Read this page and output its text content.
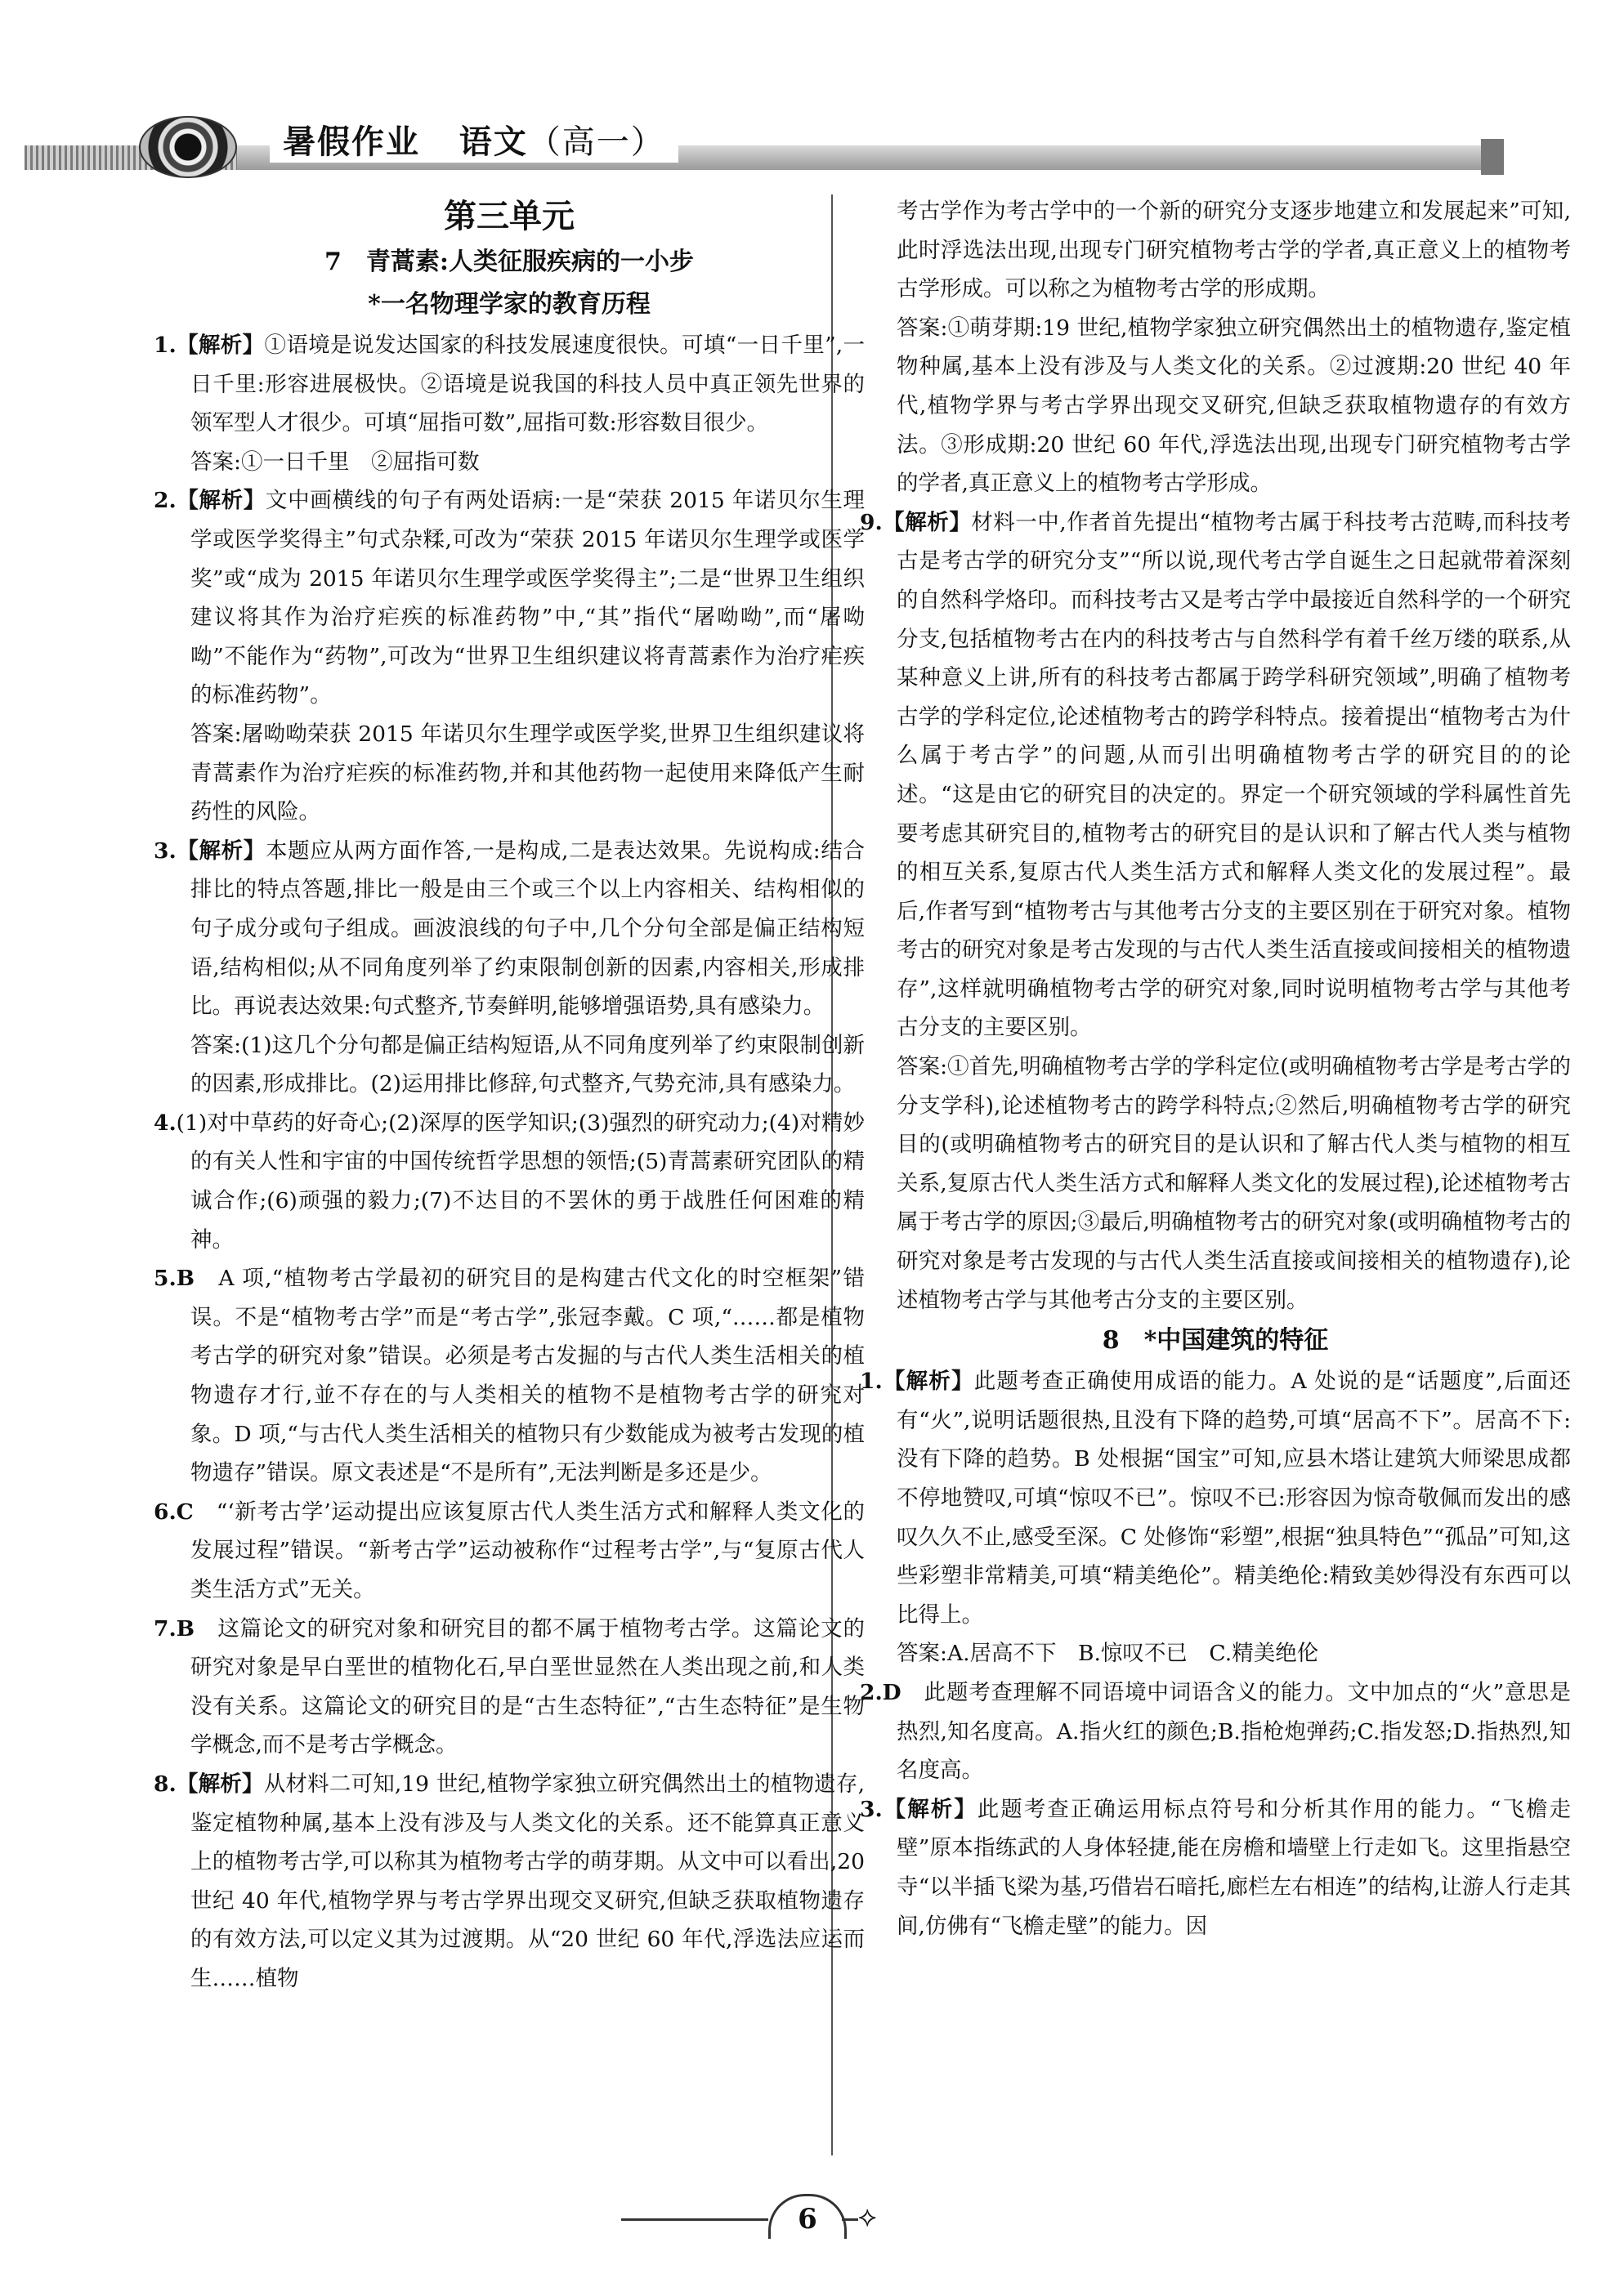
暑假作业 语文（高一）
第三单元
7　青蒿素:人类征服疾病的一小步
*一名物理学家的教育历程

1.【解析】①语境是说发达国家的科技发展速度很快。可填“一日千里”,一日千里:形容进展极快。②语境是说我国的科技人员中真正领先世界的领军型人才很少。可填“屈指可数”,屈指可数:形容数目很少。

答案:①一日千里　②屈指可数

2.【解析】文中画横线的句子有两处语病:一是“荣获 2015 年诺贝尔生理学或医学奖得主”句式杂糅,可改为“荣获 2015 年诺贝尔生理学或医学奖”或“成为 2015 年诺贝尔生理学或医学奖得主”;二是“世界卫生组织建议将其作为治疗疟疾的标准药物”中,“其”指代“屠呦呦”,而“屠呦呦”不能作为“药物”,可改为“世界卫生组织建议将青蒿素作为治疗疟疾的标准药物”。

答案:屠呦呦荣获 2015 年诺贝尔生理学或医学奖,世界卫生组织建议将青蒿素作为治疗疟疾的标准药物,并和其他药物一起使用来降低产生耐药性的风险。

3.【解析】本题应从两方面作答,一是构成,二是表达效果。先说构成:结合排比的特点答题,排比一般是由三个或三个以上内容相关、结构相似的句子成分或句子组成。画波浪线的句子中,几个分句全部是偏正结构短语,结构相似;从不同角度列举了约束限制创新的因素,内容相关,形成排比。再说表达效果:句式整齐,节奏鲜明,能够增强语势,具有感染力。

答案:(1)这几个分句都是偏正结构短语,从不同角度列举了约束限制创新的因素,形成排比。(2)运用排比修辞,句式整齐,气势充沛,具有感染力。

4.(1)对中草药的好奇心;(2)深厚的医学知识;(3)强烈的研究动力;(4)对精妙的有关人性和宇宙的中国传统哲学思想的领悟;(5)青蒿素研究团队的精诚合作;(6)顽强的毅力;(7)不达目的不罢休的勇于战胜任何困难的精神。

5.B　A 项,“植物考古学最初的研究目的是构建古代文化的时空框架”错误。不是“植物考古学”而是“考古学”,张冠李戴。C 项,“……都是植物考古学的研究对象”错误。必须是考古发掘的与古代人类生活相关的植物遗存才行,並不存在的与人类相关的植物不是植物考古学的研究对象。D 项,“与古代人类生活相关的植物只有少数能成为被考古发现的植物遗存”错误。原文表述是“不是所有”,无法判断是多还是少。

6.C　“‘新考古学’运动提出应该复原古代人类生活方式和解释人类文化的发展过程”错误。“新考古学”运动被称作“过程考古学”,与“复原古代人类生活方式”无关。

7.B　这篇论文的研究对象和研究目的都不属于植物考古学。这篇论文的研究对象是早白垩世的植物化石,早白垩世显然在人类出现之前,和人类没有关系。这篇论文的研究目的是“古生态特征”,“古生态特征”是生物学概念,而不是考古学概念。

8.【解析】从材料二可知,19 世纪,植物学家独立研究偶然出土的植物遗存,鉴定植物种属,基本上没有涉及与人类文化的关系。还不能算真正意义上的植物考古学,可以称其为植物考古学的萌芽期。从文中可以看出,20 世纪 40 年代,植物学界与考古学界出现交叉研究,但缺乏获取植物遗存的有效方法,可以定义其为过渡期。从“20 世纪 60 年代,浮选法应运而生……植物

考古学作为考古学中的一个新的研究分支逐步地建立和发展起来”可知,此时浮选法出现,出现专门研究植物考古学的学者,真正意义上的植物考古学形成。可以称之为植物考古学的形成期。

答案:①萌芽期:19 世纪,植物学家独立研究偶然出土的植物遗存,鉴定植物种属,基本上没有涉及与人类文化的关系。②过渡期:20 世纪 40 年代,植物学界与考古学界出现交叉研究,但缺乏获取植物遗存的有效方法。③形成期:20 世纪 60 年代,浮选法出现,出现专门研究植物考古学的学者,真正意义上的植物考古学形成。

9.【解析】材料一中,作者首先提出“植物考古属于科技考古范畴,而科技考古是考古学的研究分支”“所以说,现代考古学自诞生之日起就带着深刻的自然科学烙印。而科技考古又是考古学中最接近自然科学的一个研究分支,包括植物考古在内的科技考古与自然科学有着千丝万缕的联系,从某种意义上讲,所有的科技考古都属于跨学科研究领域”,明确了植物考古学的学科定位,论述植物考古的跨学科特点。接着提出“植物考古为什么属于考古学”的问题,从而引出明确植物考古学的研究目的的论述。“这是由它的研究目的决定的。界定一个研究领域的学科属性首先要考虑其研究目的,植物考古的研究目的是认识和了解古代人类与植物的相互关系,复原古代人类生活方式和解释人类文化的发展过程”。最后,作者写到“植物考古与其他考古分支的主要区别在于研究对象。植物考古的研究对象是考古发现的与古代人类生活直接或间接相关的植物遗存”,这样就明确植物考古学的研究对象,同时说明植物考古学与其他考古分支的主要区别。

答案:①首先,明确植物考古学的学科定位(或明确植物考古学是考古学的分支学科),论述植物考古的跨学科特点;②然后,明确植物考古学的研究目的(或明确植物考古的研究目的是认识和了解古代人类与植物的相互关系,复原古代人类生活方式和解释人类文化的发展过程),论述植物考古属于考古学的原因;③最后,明确植物考古的研究对象(或明确植物考古的研究对象是考古发现的与古代人类生活直接或间接相关的植物遗存),论述植物考古学与其他考古分支的主要区别。

8　*中国建筑的特征

1.【解析】此题考查正确使用成语的能力。A 处说的是“话题度”,后面还有“火”,说明话题很热,且没有下降的趋势,可填“居高不下”。居高不下:没有下降的趋势。B 处根据“国宝”可知,应县木塔让建筑大师梁思成都不停地赞叹,可填“惊叹不已”。惊叹不已:形容因为惊奇敬佩而发出的感叹久久不止,感受至深。C 处修饰“彩塑”,根据“独具特色”“孤品”可知,这些彩塑非常精美,可填“精美绝伦”。精美绝伦:精致美妙得没有东西可以比得上。

答案:A.居高不下　B.惊叹不已　C.精美绝伦

2.D　此题考查理解不同语境中词语含义的能力。文中加点的“火”意思是热烈,知名度高。A.指火红的颜色;B.指枪炮弹药;C.指发怒;D.指热烈,知名度高。

3.【解析】此题考查正确运用标点符号和分析其作用的能力。“飞檐走壁”原本指练武的人身体轻捷,能在房檐和墙壁上行走如飞。这里指悬空寺“以半插飞梁为基,巧借岩石暗托,廊栏左右相连”的结构,让游人行走其间,仿佛有“飞檐走壁”的能力。因

6	⟡
